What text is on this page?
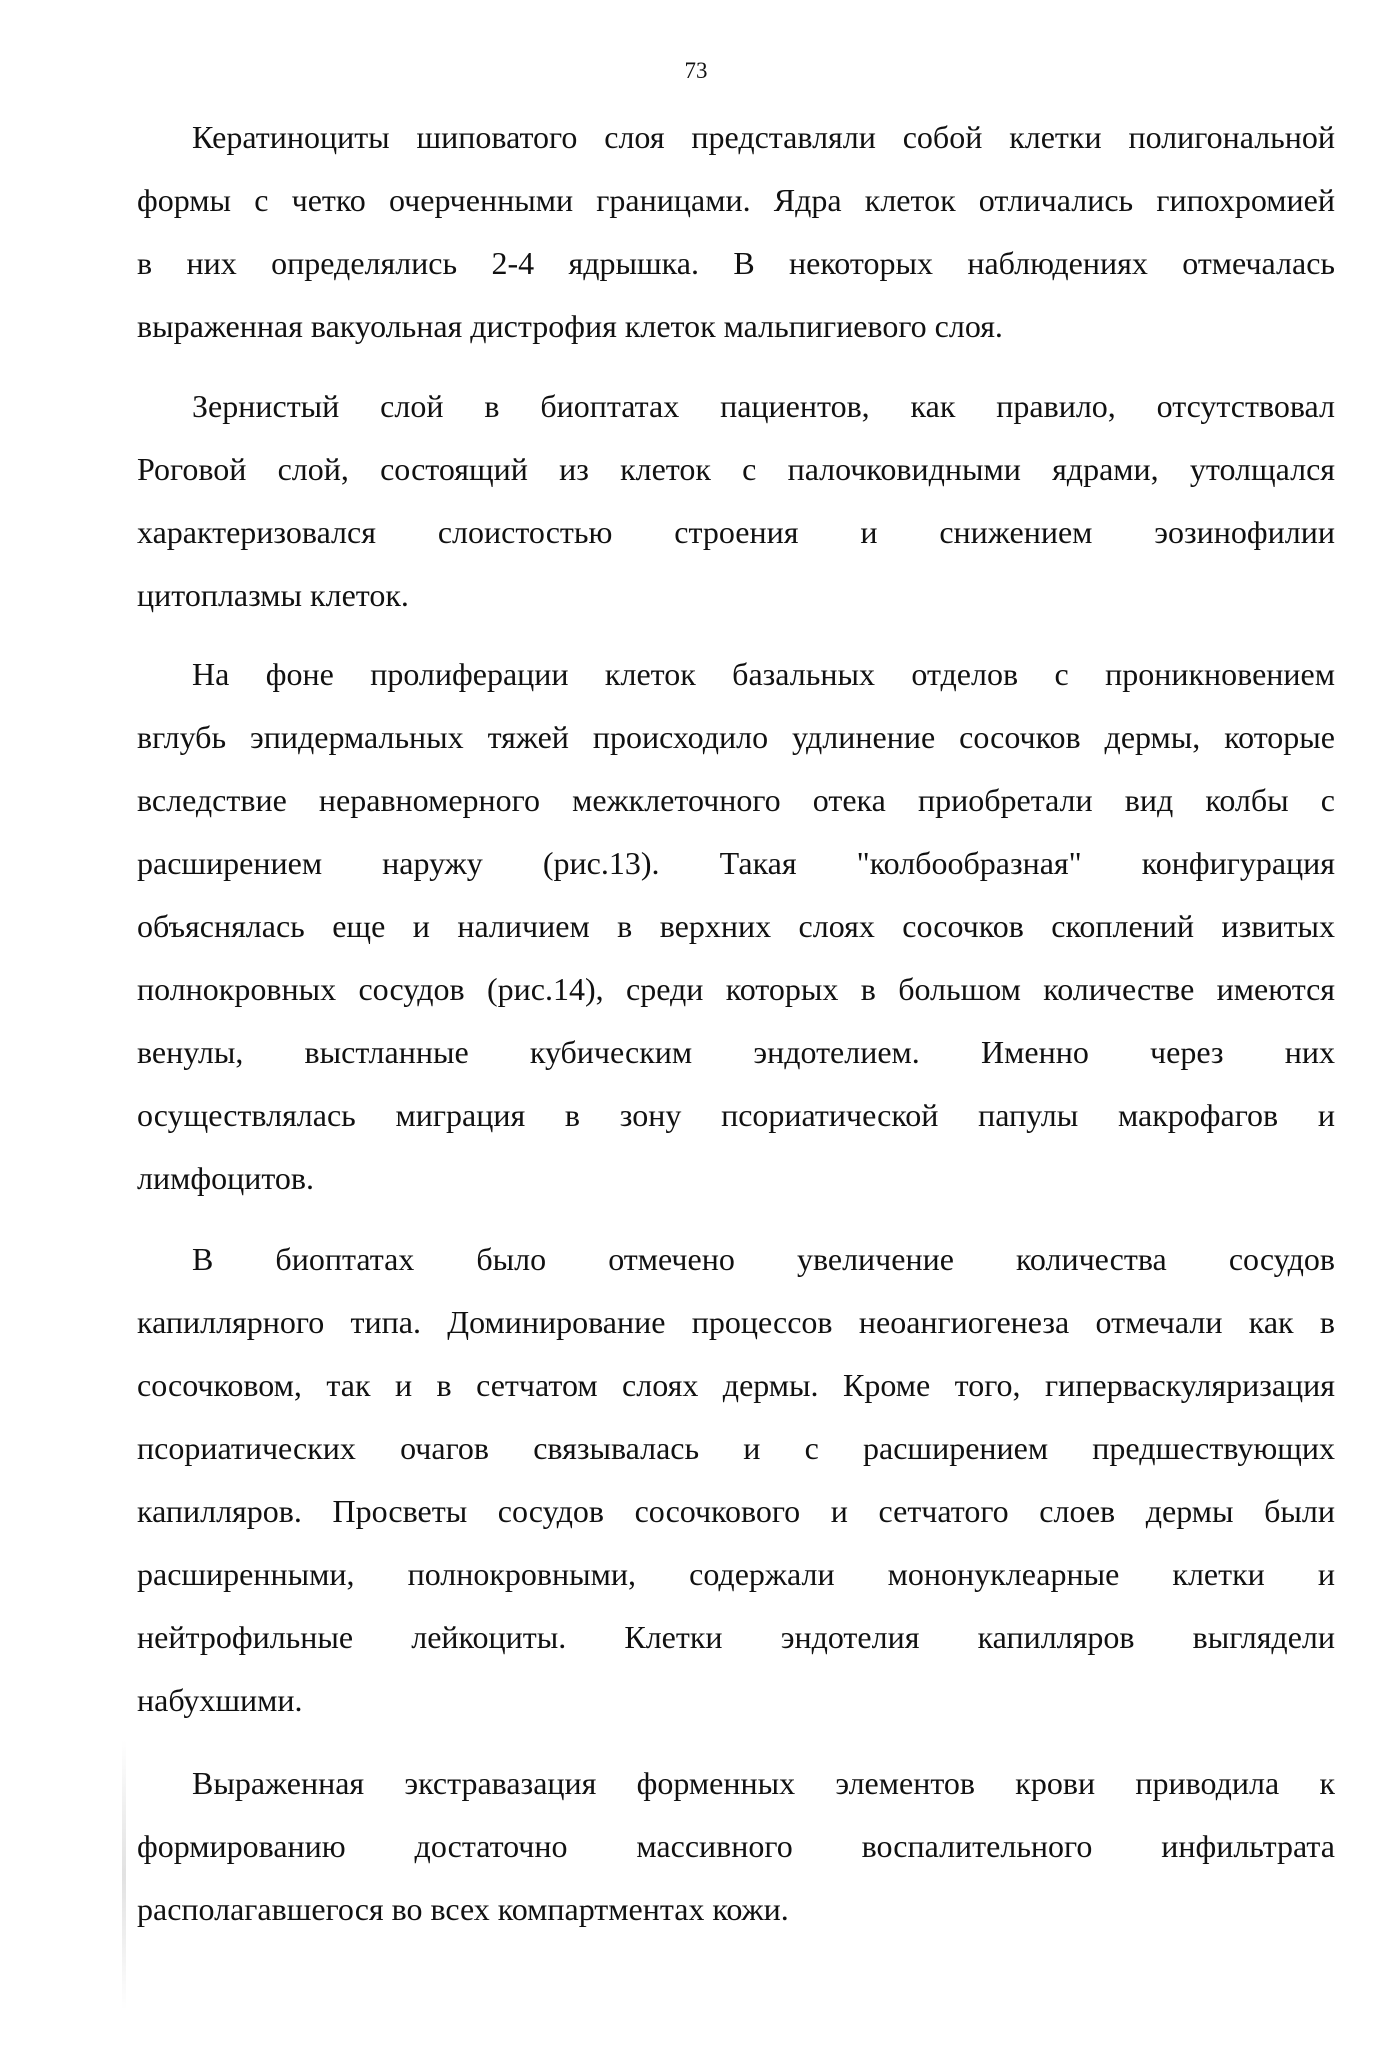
73
Кератиноциты шиповатого слоя представляли собой клетки полигональной
формы с четко очерченными границами. Ядра клеток отличались гипохромией
в них определялись 2-4 ядрышка. В некоторых наблюдениях отмечалась
выраженная вакуольная дистрофия клеток мальпигиевого слоя.
Зернистый слой в биоптатах пациентов, как правило, отсутствовал
Роговой слой, состоящий из клеток с палочковидными ядрами, утолщался
характеризовался слоистостью строения и снижением эозинофилии
цитоплазмы клеток.
На фоне пролиферации клеток базальных отделов с проникновением
вглубь эпидермальных тяжей происходило удлинение сосочков дермы, которые
вследствие неравномерного межклеточного отека приобретали вид колбы с
расширением наружу (рис.13). Такая "колбообразная" конфигурация
объяснялась еще и наличием в верхних слоях сосочков скоплений извитых
полнокровных сосудов (рис.14), среди которых в большом количестве имеются
венулы, выстланные кубическим эндотелием. Именно через них
осуществлялась миграция в зону псориатической папулы макрофагов и
лимфоцитов.
В биоптатах было отмечено увеличение количества сосудов
капиллярного типа. Доминирование процессов неоангиогенеза отмечали как в
сосочковом, так и в сетчатом слоях дермы. Кроме того, гиперваскуляризация
псориатических очагов связывалась и с расширением предшествующих
капилляров. Просветы сосудов сосочкового и сетчатого слоев дермы были
расширенными, полнокровными, содержали мононуклеарные клетки и
нейтрофильные лейкоциты. Клетки эндотелия капилляров выглядели
набухшими.
Выраженная экстравазация форменных элементов крови приводила к
формированию достаточно массивного воспалительного инфильтрата
располагавшегося во всех компартментах кожи.
